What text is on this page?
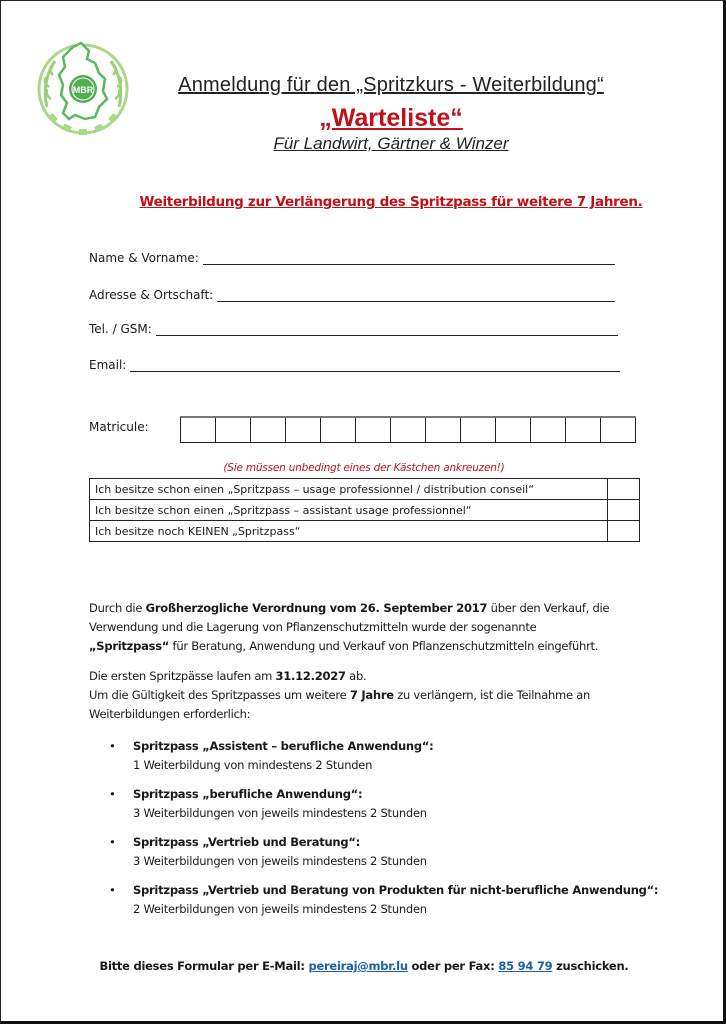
MBR	Anmeldung für den „Spritzkurs - Weiterbildung“
„Warteliste“
Für Landwirt, Gärtner & Winzer
Weiterbildung zur Verlängerung des Spritzpass für weitere 7 Jahren.
Name & Vorname:
Adresse & Ortschaft:
Tel. / GSM:
Email:
Matricule:
(Sie müssen unbedingt eines der Kästchen ankreuzen!)
Ich besitze schon einen „Spritzpass – usage professionnel / distribution conseil“	
Ich besitze schon einen „Spritzpass – assistant usage professionnel“	
Ich besitze noch KEINEN „Spritzpass“	
Durch die Großherzogliche Verordnung vom 26. September 2017 über den Verkauf, die
Verwendung und die Lagerung von Pflanzenschutzmitteln wurde der sogenannte
„Spritzpass“ für Beratung, Anwendung und Verkauf von Pflanzenschutzmitteln eingeführt.
Die ersten Spritzpässe laufen am 31.12.2027 ab.
Um die Gültigkeit des Spritzpasses um weitere 7 Jahre zu verlängern, ist die Teilnahme an
Weiterbildungen erforderlich:
• Spritzpass „Assistent – berufliche Anwendung“:
1 Weiterbildung von mindestens 2 Stunden
• Spritzpass „berufliche Anwendung“:
3 Weiterbildungen von jeweils mindestens 2 Stunden
• Spritzpass „Vertrieb und Beratung“:
3 Weiterbildungen von jeweils mindestens 2 Stunden
• Spritzpass „Vertrieb und Beratung von Produkten für nicht-berufliche Anwendung“:
2 Weiterbildungen von jeweils mindestens 2 Stunden
Bitte dieses Formular per E-Mail: pereiraj@mbr.lu oder per Fax: 85 94 79 zuschicken.
